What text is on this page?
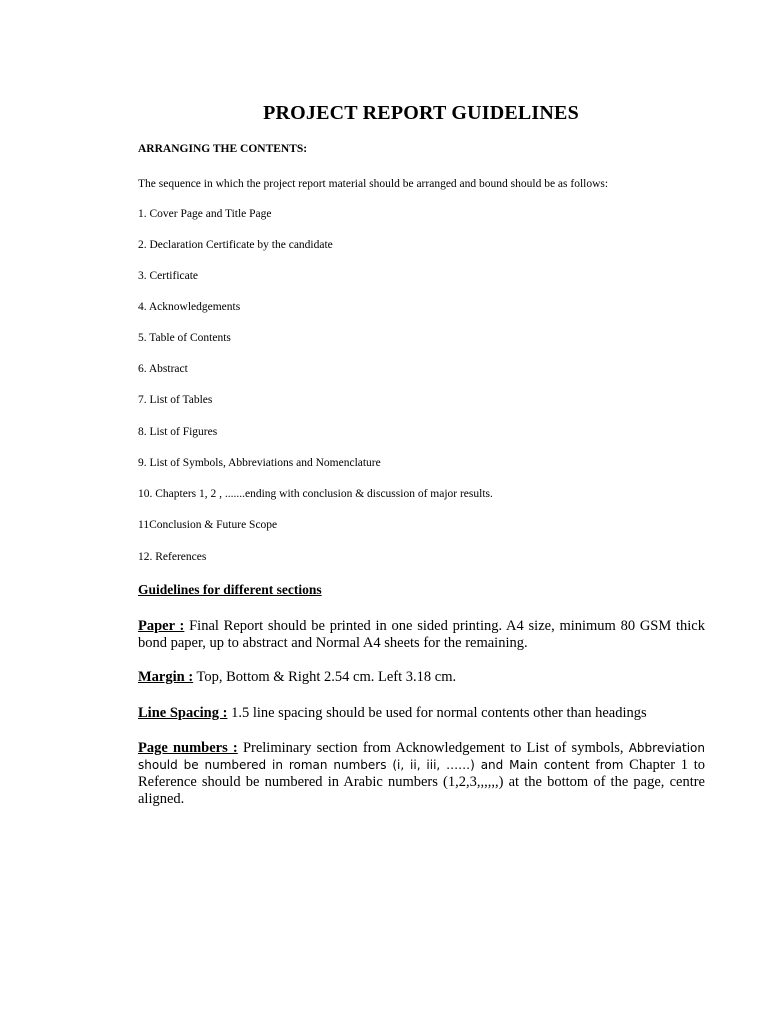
PROJECT REPORT GUIDELINES
ARRANGING THE CONTENTS:
The sequence in which the project report material should be arranged and bound should be as follows:
1. Cover Page and Title Page
2. Declaration Certificate by the candidate
3. Certificate
4. Acknowledgements
5. Table of Contents
6. Abstract
7. List of Tables
8. List of Figures
9. List of Symbols, Abbreviations and Nomenclature
10. Chapters 1, 2 , .......ending with conclusion & discussion of major results.
11Conclusion & Future Scope
12. References
Guidelines for different sections
Paper : Final Report should be printed in one sided printing. A4 size, minimum 80 GSM thick bond paper, up to abstract and Normal A4 sheets for the remaining.
Margin : Top, Bottom & Right 2.54 cm. Left 3.18 cm.
Line Spacing : 1.5 line spacing should be used for normal contents other than headings
Page numbers : Preliminary section from Acknowledgement to List of symbols, Abbreviation should be numbered in roman numbers (i, ii, iii, ……) and Main content from Chapter 1 to Reference should be numbered in Arabic numbers (1,2,3,,,,,,) at the bottom of the page, centre aligned.
